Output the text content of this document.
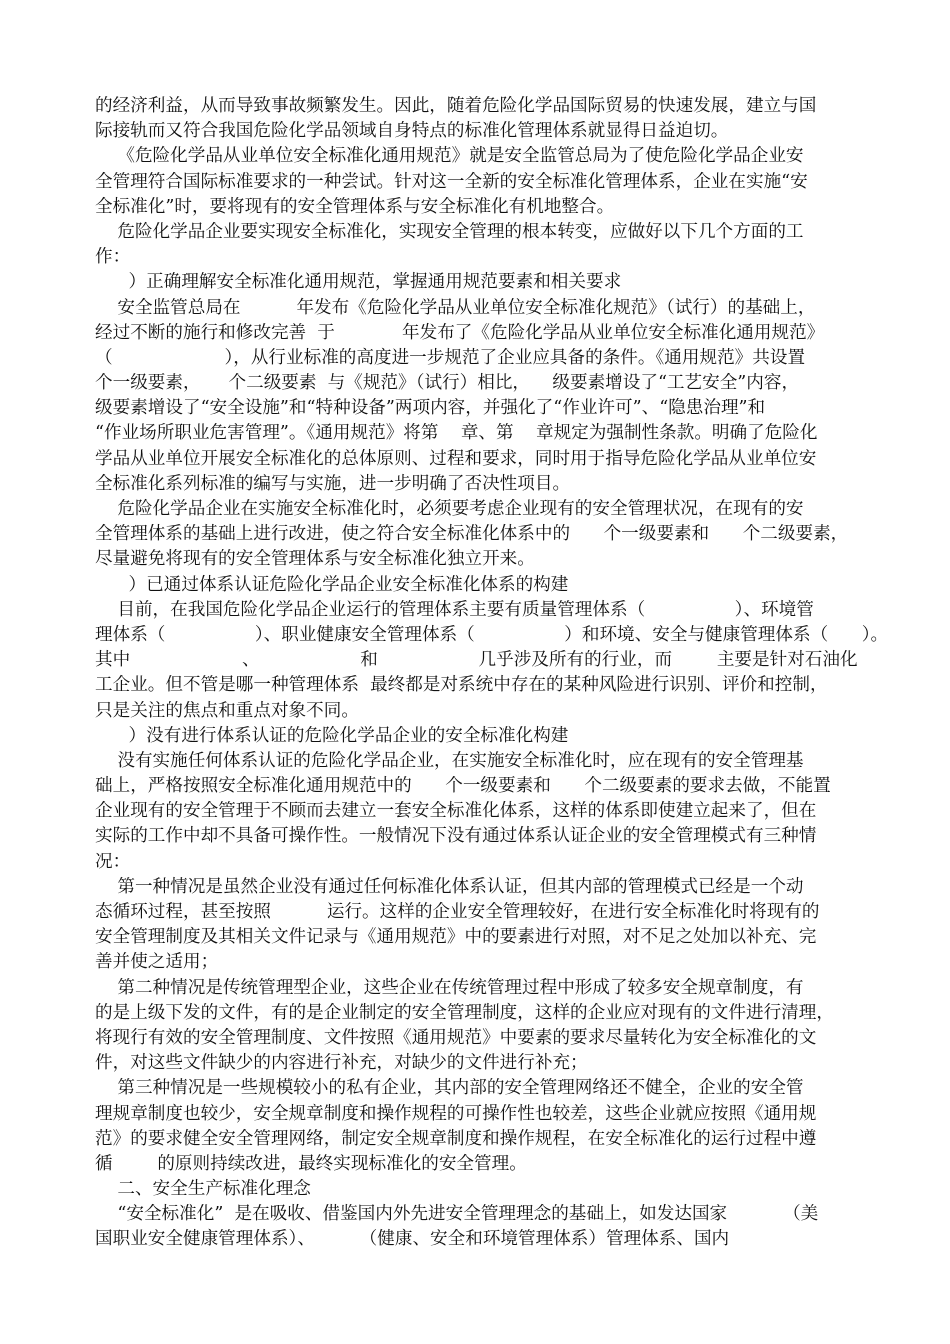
的经济利益，从而导致事故频繁发生。因此，随着危险化学品国际贸易的快速发展，建立与国
际接轨而又符合我国危险化学品领域自身特点的标准化管理体系就显得日益迫切。
《危险化学品从业单位安全标准化通用规范》就是安全监管总局为了使危险化学品企业安
全管理符合国际标准要求的一种尝试。针对这一全新的安全标准化管理体系，企业在实施“安
全标准化”时，要将现有的安全管理体系与安全标准化有机地整合。
危险化学品企业要实现安全标准化，实现安全管理的根本转变，应做好以下几个方面的工
作：
）正确理解安全标准化通用规范，掌握通用规范要素和相关要求
安全监管总局在          年发布《危险化学品从业单位安全标准化规范》（试行）的基础上，
经过不断的施行和修改完善  于            年发布了《危险化学品从业单位安全标准化通用规范》
（                    ），从行业标准的高度进一步规范了企业应具备的条件。《通用规范》共设置
个一级要素，     个二级要素  与《规范》（试行）相比，    级要素增设了“工艺安全”内容，
级要素增设了“安全设施”和“特种设备”两项内容，并强化了“作业许可”、“隐患治理”和
“作业场所职业危害管理”。《通用规范》将第    章、第    章规定为强制性条款。明确了危险化
学品从业单位开展安全标准化的总体原则、过程和要求，同时用于指导危险化学品从业单位安
全标准化系列标准的编写与实施，进一步明确了否决性项目。
危险化学品企业在实施安全标准化时，必须要考虑企业现有的安全管理状况，在现有的安
全管理体系的基础上进行改进，使之符合安全标准化体系中的      个一级要素和      个二级要素，
尽量避免将现有的安全管理体系与安全标准化独立开来。
）已通过体系认证危险化学品企业安全标准化体系的构建
目前，在我国危险化学品企业运行的管理体系主要有质量管理体系（                ）、环境管
理体系（                ）、职业健康安全管理体系（                ）和环境、安全与健康管理体系（      ）。
其中                    、                  和                  几乎涉及所有的行业，而        主要是针对石油化
工企业。但不管是哪一种管理体系  最终都是对系统中存在的某种风险进行识别、评价和控制，
只是关注的焦点和重点对象不同。
）没有进行体系认证的危险化学品企业的安全标准化构建
没有实施任何体系认证的危险化学品企业，在实施安全标准化时，应在现有的安全管理基
础上，严格按照安全标准化通用规范中的      个一级要素和      个二级要素的要求去做，不能置
企业现有的安全管理于不顾而去建立一套安全标准化体系，这样的体系即使建立起来了，但在
实际的工作中却不具备可操作性。一般情况下没有通过体系认证企业的安全管理模式有三种情
况：
第一种情况是虽然企业没有通过任何标准化体系认证，但其内部的管理模式已经是一个动
态循环过程，甚至按照          运行。这样的企业安全管理较好，在进行安全标准化时将现有的
安全管理制度及其相关文件记录与《通用规范》中的要素进行对照，对不足之处加以补充、完
善并使之适用；
第二种情况是传统管理型企业，这些企业在传统管理过程中形成了较多安全规章制度，有
的是上级下发的文件，有的是企业制定的安全管理制度，这样的企业应对现有的文件进行清理，
将现行有效的安全管理制度、文件按照《通用规范》中要素的要求尽量转化为安全标准化的文
件，对这些文件缺少的内容进行补充，对缺少的文件进行补充；
第三种情况是一些规模较小的私有企业，其内部的安全管理网络还不健全，企业的安全管
理规章制度也较少，安全规章制度和操作规程的可操作性也较差，这些企业就应按照《通用规
范》的要求健全安全管理网络，制定安全规章制度和操作规程，在安全标准化的运行过程中遵
循        的原则持续改进，最终实现标准化的安全管理。
二、安全生产标准化理念
“安全标准化”  是在吸收、借鉴国内外先进安全管理理念的基础上，如发达国家          （美
国职业安全健康管理体系）、        （健康、安全和环境管理体系）管理体系、国内
